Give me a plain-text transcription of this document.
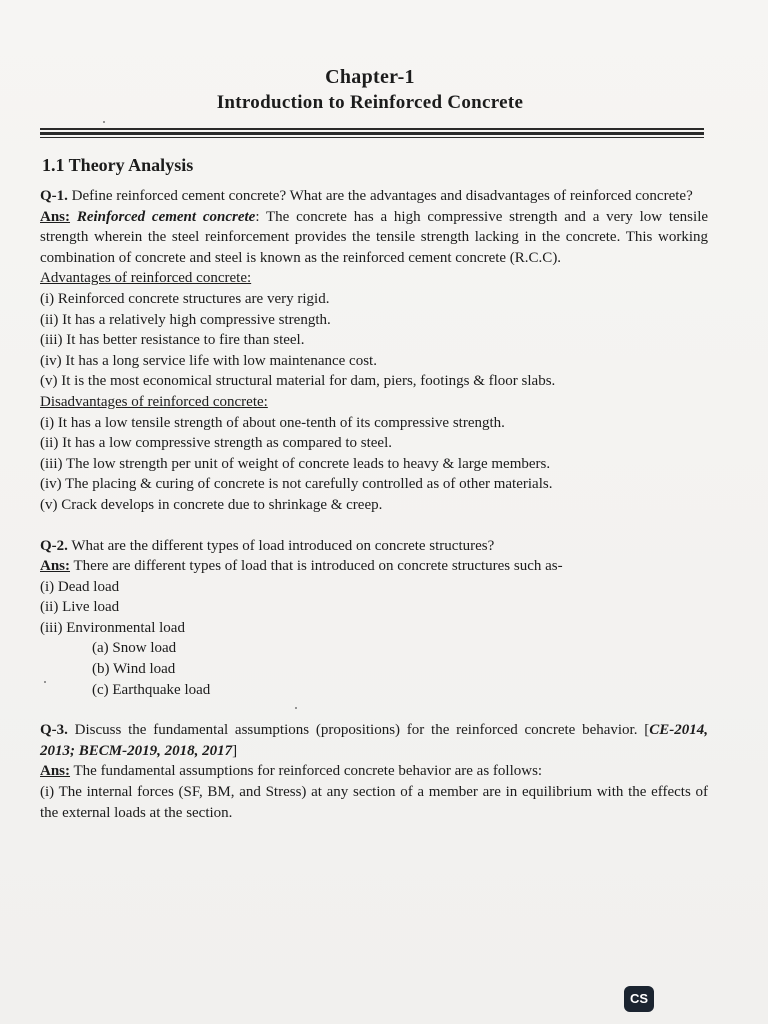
Chapter-1
Introduction to Reinforced Concrete
1.1 Theory Analysis

Q-1. Define reinforced cement concrete? What are the advantages and disadvantages of reinforced concrete?

Ans: Reinforced cement concrete: The concrete has a high compressive strength and a very low tensile strength wherein the steel reinforcement provides the tensile strength lacking in the concrete. This working combination of concrete and steel is known as the reinforced cement concrete (R.C.C).

Advantages of reinforced concrete:

(i) Reinforced concrete structures are very rigid.

(ii) It has a relatively high compressive strength.

(iii) It has better resistance to fire than steel.

(iv) It has a long service life with low maintenance cost.

(v) It is the most economical structural material for dam, piers, footings & floor slabs.

Disadvantages of reinforced concrete:

(i) It has a low tensile strength of about one-tenth of its compressive strength.

(ii) It has a low compressive strength as compared to steel.

(iii) The low strength per unit of weight of concrete leads to heavy & large members.

(iv) The placing & curing of concrete is not carefully controlled as of other materials.

(v) Crack develops in concrete due to shrinkage & creep.

Q-2. What are the different types of load introduced on concrete structures?

Ans: There are different types of load that is introduced on concrete structures such as-

(i) Dead load

(ii) Live load

(iii) Environmental load

(a) Snow load

(b) Wind load

(c) Earthquake load

Q-3. Discuss the fundamental assumptions (propositions) for the reinforced concrete behavior. [CE-2014, 2013; BECM-2019, 2018, 2017]

Ans: The fundamental assumptions for reinforced concrete behavior are as follows:

(i) The internal forces (SF, BM, and Stress) at any section of a member are in equilibrium with the effects of the external loads at the section.

CS
